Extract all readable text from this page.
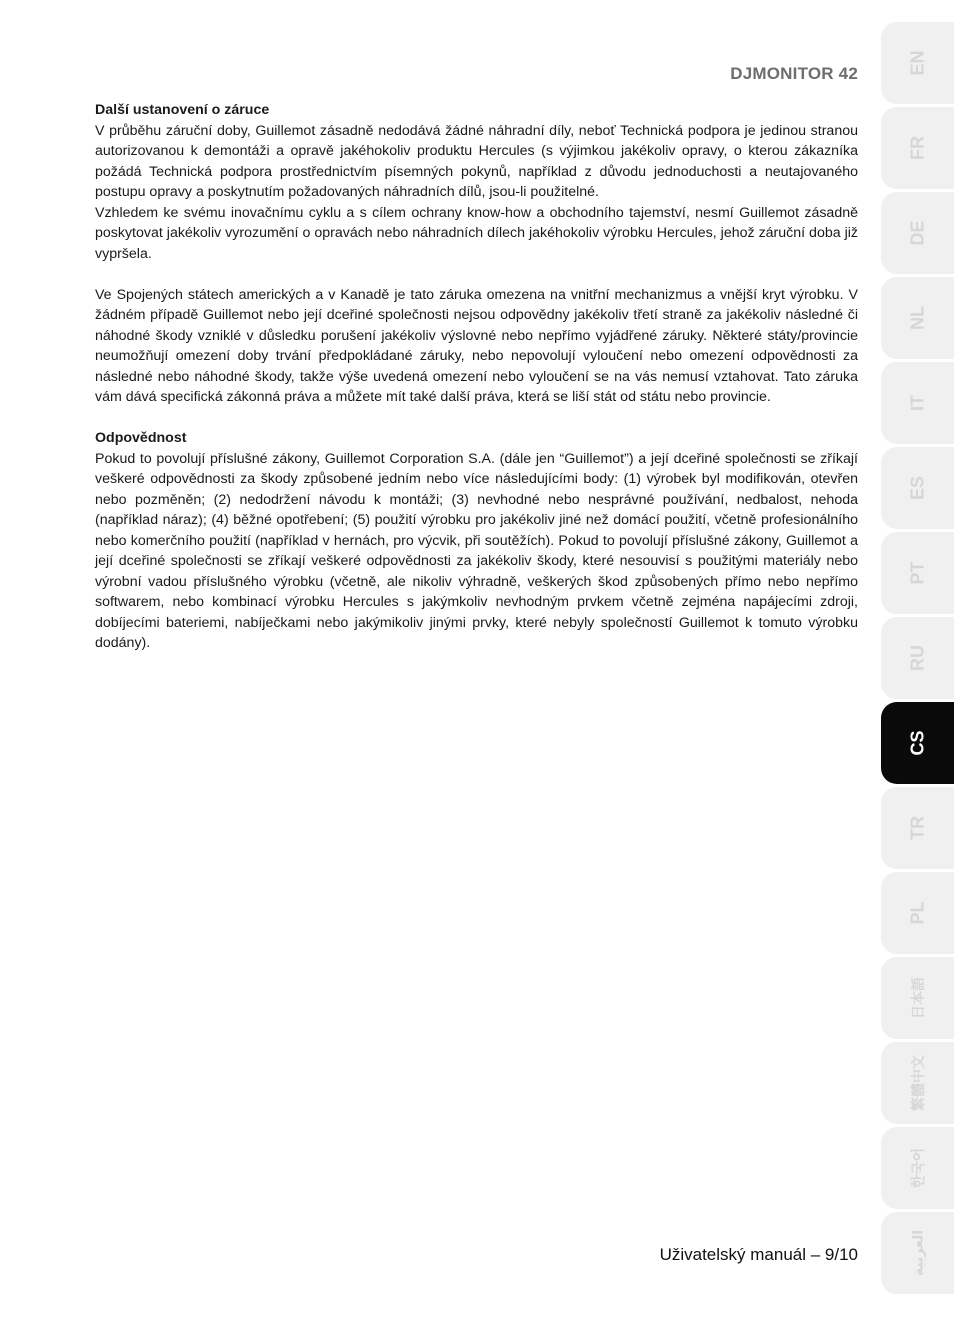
DJMONITOR 42

Další ustanovení o záruce

V průběhu záruční doby, Guillemot zásadně nedodává žádné náhradní díly, neboť Technická podpora je jedinou stranou autorizovanou k demontáži a opravě jakéhokoliv produktu Hercules (s výjimkou jakékoliv opravy, o kterou zákazníka požádá Technická podpora prostřednictvím písemných pokynů, například z důvodu jednoduchosti a neutajovaného postupu opravy a poskytnutím požadovaných náhradních dílů, jsou-li použitelné.

Vzhledem ke svému inovačnímu cyklu a s cílem ochrany know-how a obchodního tajemství, nesmí Guillemot zásadně poskytovat jakékoliv vyrozumění o opravách nebo náhradních dílech jakéhokoliv výrobku Hercules, jehož záruční doba již vypršela.

Ve Spojených státech amerických a v Kanadě je tato záruka omezena na vnitřní mechanizmus a vnější kryt výrobku. V žádném případě Guillemot nebo její dceřiné společnosti nejsou odpovědny jakékoliv třetí straně za jakékoliv následné či náhodné škody vzniklé v důsledku porušení jakékoliv výslovné nebo nepřímo vyjádřené záruky. Některé státy/provincie neumožňují omezení doby trvání předpokládané záruky, nebo nepovolují vyloučení nebo omezení odpovědnosti za následné nebo náhodné škody, takže výše uvedená omezení nebo vyloučení se na vás nemusí vztahovat. Tato záruka vám dává specifická zákonná práva a můžete mít také další práva, která se liší stát od státu nebo provincie.

Odpovědnost

Pokud to povolují příslušné zákony, Guillemot Corporation S.A. (dále jen “Guillemot”) a její dceřiné společnosti se zříkají veškeré odpovědnosti za škody způsobené jedním nebo více následujícími body: (1) výrobek byl modifikován, otevřen nebo pozměněn; (2) nedodržení návodu k montáži; (3) nevhodné nebo nesprávné používání, nedbalost, nehoda (například náraz); (4) běžné opotřebení; (5) použití výrobku pro jakékoliv jiné než domácí použití, včetně profesionálního nebo komerčního použití (například v hernách, pro výcvik, při soutěžích). Pokud to povolují příslušné zákony, Guillemot a její dceřiné společnosti se zříkají veškeré odpovědnosti za jakékoliv škody, které nesouvisí s použitými materiály nebo výrobní vadou příslušného výrobku (včetně, ale nikoliv výhradně, veškerých škod způsobených přímo nebo nepřímo softwarem, nebo kombinací výrobku Hercules s jakýmkoliv nevhodným prvkem včetně zejména napájecími zdroji, dobíjecími bateriemi, nabíječkami nebo jakýmikoliv jinými prvky, které nebyly společností Guillemot k tomuto výrobku dodány).

Uživatelský manuál – 9/10
EN
FR
DE
NL
IT
ES
PT
RU
CS
TR
PL
日本語
繁體中文
한국어
العربية
